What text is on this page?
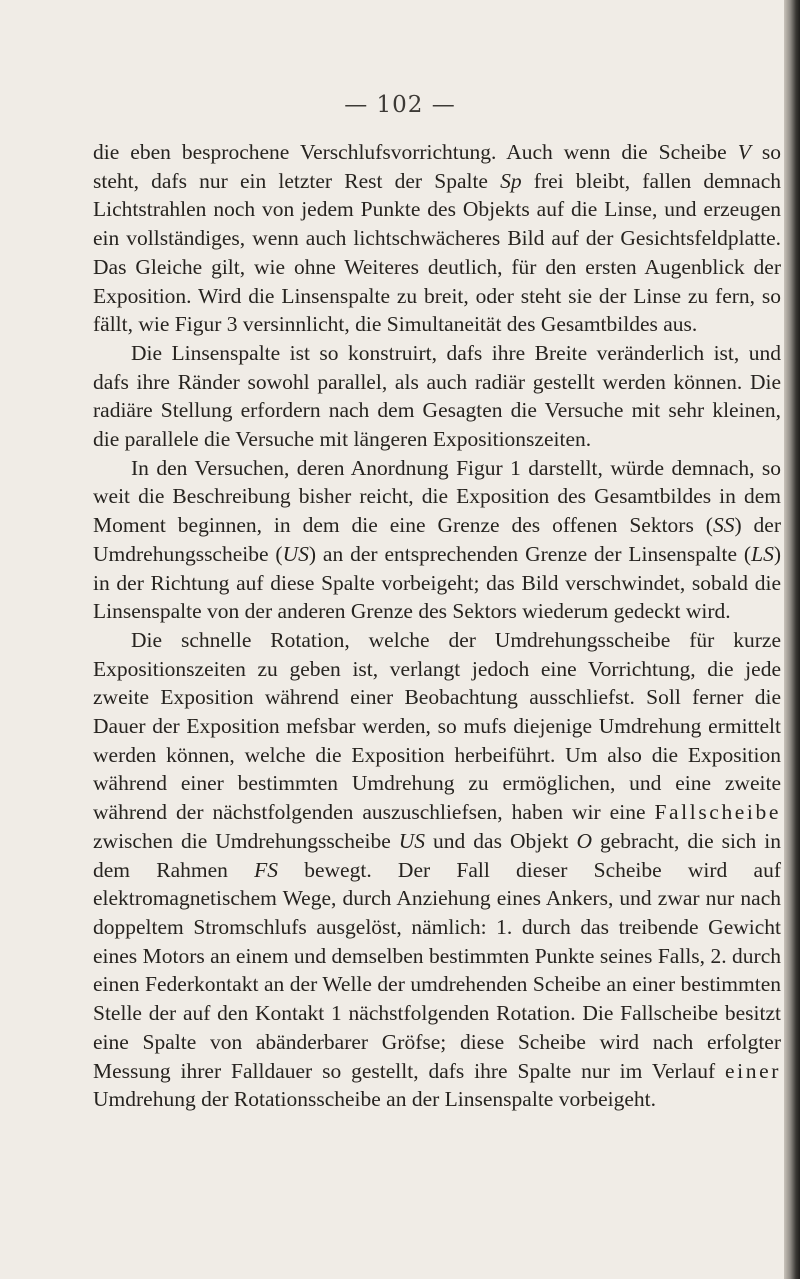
— 102 —

die eben besprochene Verschlufsvorrichtung. Auch wenn die Scheibe V so steht, dafs nur ein letzter Rest der Spalte Sp frei bleibt, fallen demnach Lichtstrahlen noch von jedem Punkte des Objekts auf die Linse, und erzeugen ein vollständiges, wenn auch lichtschwächeres Bild auf der Gesichtsfeldplatte. Das Gleiche gilt, wie ohne Weiteres deutlich, für den ersten Augenblick der Exposition. Wird die Linsenspalte zu breit, oder steht sie der Linse zu fern, so fällt, wie Figur 3 versinnlicht, die Simultaneität des Gesamtbildes aus.

Die Linsenspalte ist so konstruirt, dafs ihre Breite veränderlich ist, und dafs ihre Ränder sowohl parallel, als auch radiär gestellt werden können. Die radiäre Stellung erfordern nach dem Gesagten die Versuche mit sehr kleinen, die parallele die Versuche mit längeren Expositionszeiten.

In den Versuchen, deren Anordnung Figur 1 darstellt, würde demnach, so weit die Beschreibung bisher reicht, die Exposition des Gesamtbildes in dem Moment beginnen, in dem die eine Grenze des offenen Sektors (SS) der Umdrehungsscheibe (US) an der entsprechenden Grenze der Linsenspalte (LS) in der Richtung auf diese Spalte vorbeigeht; das Bild verschwindet, sobald die Linsenspalte von der anderen Grenze des Sektors wiederum gedeckt wird.

Die schnelle Rotation, welche der Umdrehungsscheibe für kurze Expositionszeiten zu geben ist, verlangt jedoch eine Vorrichtung, die jede zweite Exposition während einer Beobachtung ausschliefst. Soll ferner die Dauer der Exposition mefsbar werden, so mufs diejenige Umdrehung ermittelt werden können, welche die Exposition herbeiführt. Um also die Exposition während einer bestimmten Umdrehung zu ermöglichen, und eine zweite während der nächstfolgenden auszuschliefsen, haben wir eine Fallscheibe zwischen die Umdrehungsscheibe US und das Objekt O gebracht, die sich in dem Rahmen FS bewegt. Der Fall dieser Scheibe wird auf elektromagnetischem Wege, durch Anziehung eines Ankers, und zwar nur nach doppeltem Stromschlufs ausgelöst, nämlich: 1. durch das treibende Gewicht eines Motors an einem und demselben bestimmten Punkte seines Falls, 2. durch einen Federkontakt an der Welle der umdrehenden Scheibe an einer bestimmten Stelle der auf den Kontakt 1 nächstfolgenden Rotation. Die Fallscheibe besitzt eine Spalte von abänderbarer Gröfse; diese Scheibe wird nach erfolgter Messung ihrer Falldauer so gestellt, dafs ihre Spalte nur im Verlauf einer Umdrehung der Rotationsscheibe an der Linsenspalte vorbeigeht.
